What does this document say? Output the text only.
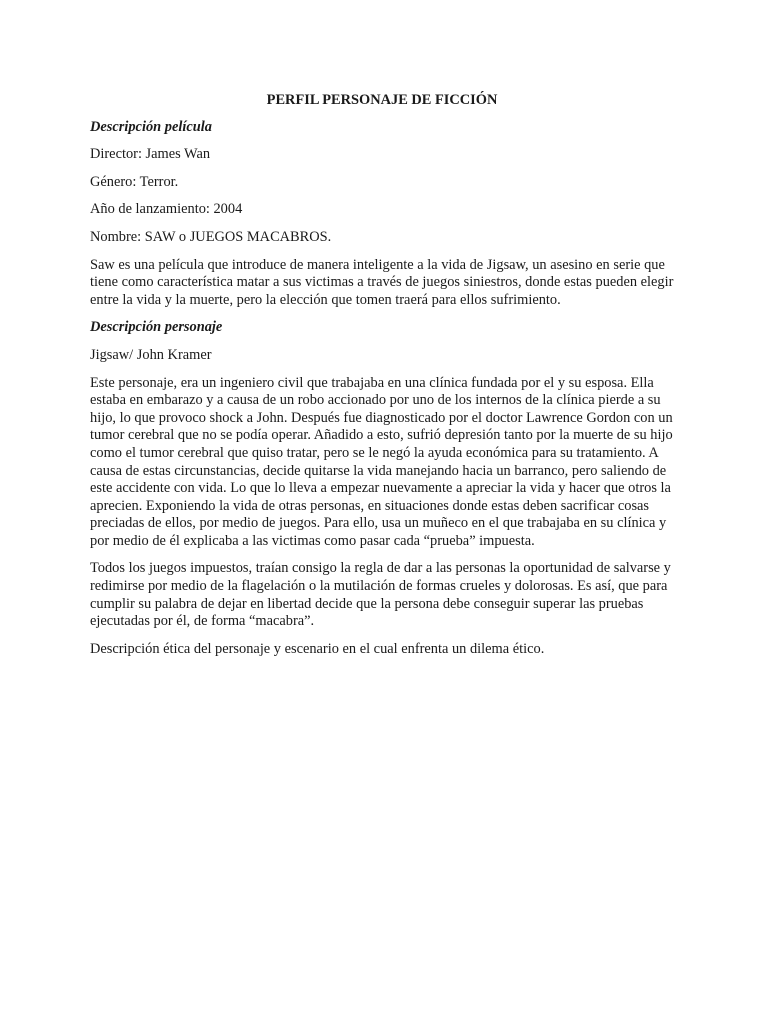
PERFIL PERSONAJE DE FICCIÓN
Descripción película
Director: James Wan
Género: Terror.
Año de lanzamiento: 2004
Nombre: SAW o JUEGOS MACABROS.
Saw es una película que introduce de manera inteligente a la vida de Jigsaw, un asesino en serie que tiene como característica matar a sus victimas a través de juegos siniestros, donde estas pueden elegir entre la vida y la muerte, pero la elección que tomen traerá para ellos sufrimiento.
Descripción personaje
Jigsaw/ John Kramer
Este personaje, era un ingeniero civil que trabajaba en una clínica fundada por el y su esposa. Ella estaba en embarazo y a causa de un robo accionado por uno de los internos de la clínica pierde a su hijo, lo que provoco shock a John. Después fue diagnosticado por el doctor Lawrence Gordon con un tumor cerebral que no se podía operar. Añadido a esto, sufrió depresión tanto por la muerte de su hijo como el tumor cerebral que quiso tratar, pero se le negó la ayuda económica para su tratamiento. A causa de estas circunstancias, decide quitarse la vida manejando hacia un barranco, pero saliendo de este accidente con vida. Lo que lo lleva a empezar nuevamente a apreciar la vida y hacer que otros la aprecien. Exponiendo la vida de otras personas, en situaciones donde estas deben sacrificar cosas preciadas de ellos, por medio de juegos. Para ello, usa un muñeco en el que trabajaba en su clínica y por medio de él explicaba a las victimas como pasar cada “prueba” impuesta.
Todos los juegos impuestos, traían consigo la regla de dar a las personas la oportunidad de salvarse y redimirse por medio de la flagelación o la mutilación de formas crueles y dolorosas. Es así, que para cumplir su palabra de dejar en libertad decide que la persona debe conseguir superar las pruebas ejecutadas por él, de forma “macabra”.
Descripción ética del personaje y escenario en el cual enfrenta un dilema ético.
